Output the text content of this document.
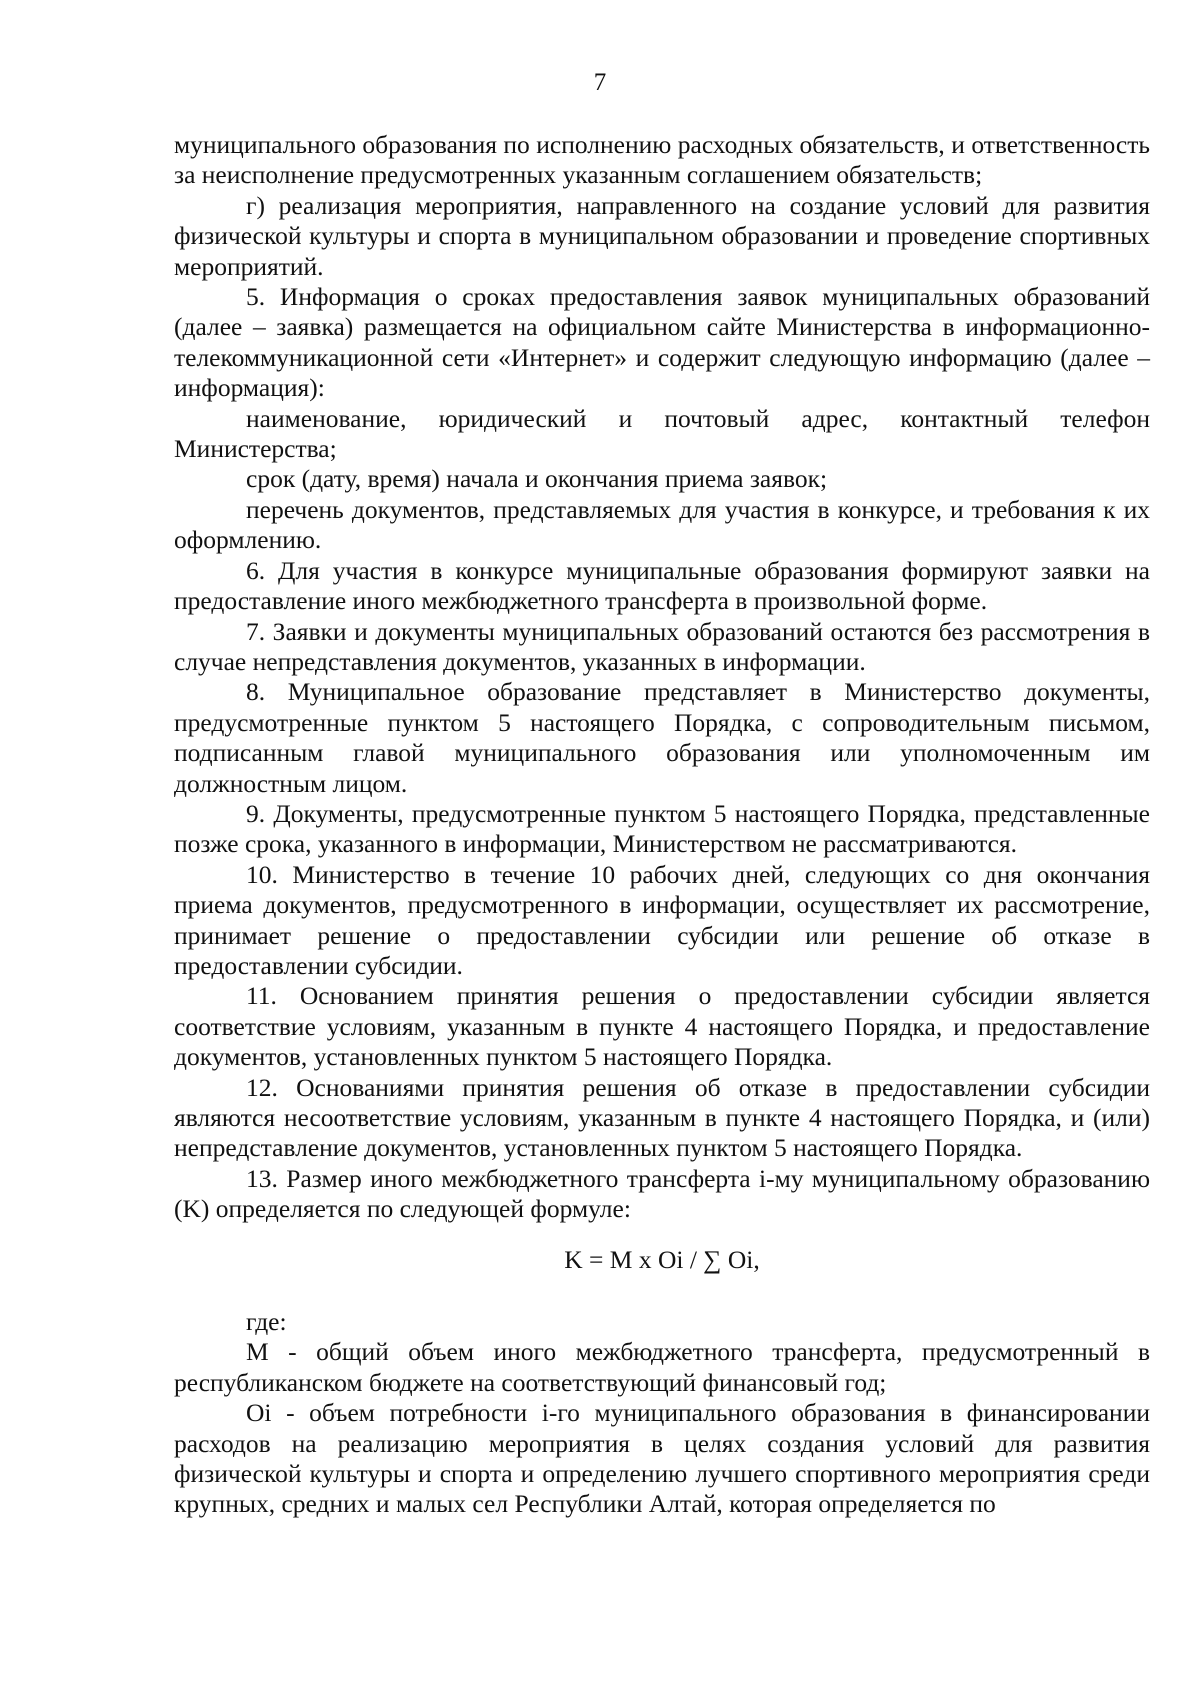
7

муниципального образования по исполнению расходных обязательств, и ответственность за неисполнение предусмотренных указанным соглашением обязательств;

г) реализация мероприятия, направленного на создание условий для развития физической культуры и спорта в муниципальном образовании и проведение спортивных мероприятий.

5. Информация о сроках предоставления заявок муниципальных образований (далее – заявка) размещается на официальном сайте Министерства в информационно-телекоммуникационной сети «Интернет» и содержит следующую информацию (далее – информация):

наименование, юридический и почтовый адрес, контактный телефон Министерства;

срок (дату, время) начала и окончания приема заявок;

перечень документов, представляемых для участия в конкурсе, и требования к их оформлению.

6. Для участия в конкурсе муниципальные образования формируют заявки на предоставление иного межбюджетного трансферта в произвольной форме.

7. Заявки и документы муниципальных образований остаются без рассмотрения в случае непредставления документов, указанных в информации.

8. Муниципальное образование представляет в Министерство документы, предусмотренные пунктом 5 настоящего Порядка, с сопроводительным письмом, подписанным главой муниципального образования или уполномоченным им должностным лицом.

9. Документы, предусмотренные пунктом 5 настоящего Порядка, представленные позже срока, указанного в информации, Министерством не рассматриваются.

10. Министерство в течение 10 рабочих дней, следующих со дня окончания приема документов, предусмотренного в информации, осуществляет их рассмотрение, принимает решение о предоставлении субсидии или решение об отказе в предоставлении субсидии.

11. Основанием принятия решения о предоставлении субсидии является соответствие условиям, указанным в пункте 4 настоящего Порядка, и предоставление документов, установленных пунктом 5 настоящего Порядка.

12. Основаниями принятия решения об отказе в предоставлении субсидии являются несоответствие условиям, указанным в пункте 4 настоящего Порядка, и (или) непредставление документов, установленных пунктом 5 настоящего Порядка.

13. Размер иного межбюджетного трансферта i-му муниципальному образованию (K) определяется по следующей формуле:

K = M x Oi / ∑ Oi,

где:

M - общий объем иного межбюджетного трансферта, предусмотренный в республиканском бюджете на соответствующий финансовый год;

Oi - объем потребности i-го муниципального образования в финансировании расходов на реализацию мероприятия в целях создания условий для развития физической культуры и спорта и определению лучшего спортивного мероприятия среди крупных, средних и малых сел Республики Алтай, которая определяется по
